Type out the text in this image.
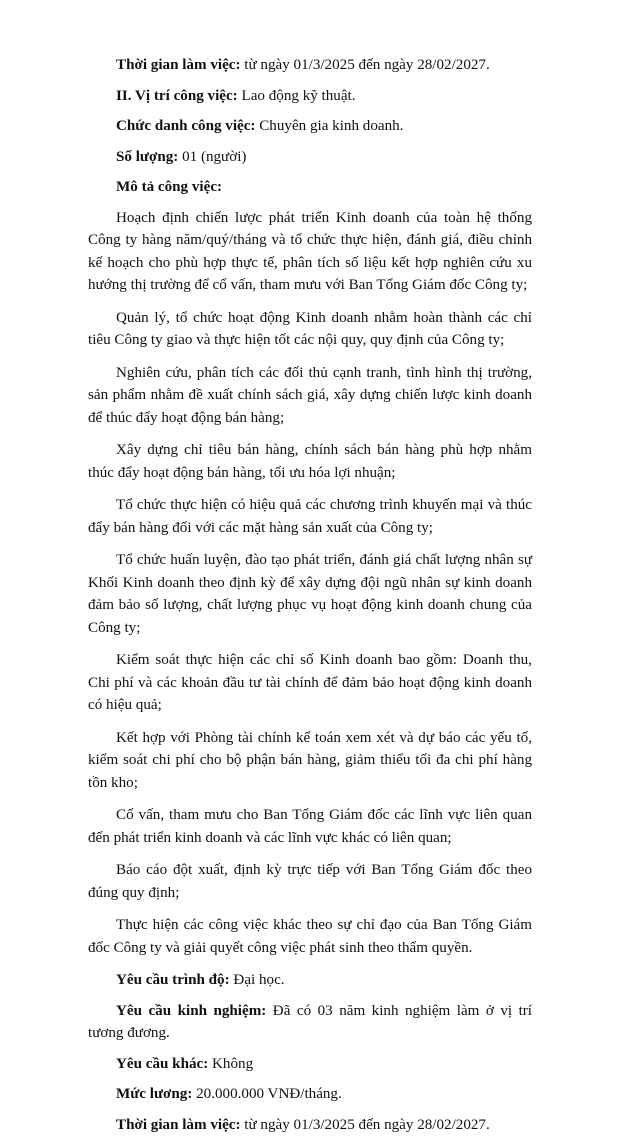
Thời gian làm việc: từ ngày 01/3/2025 đến ngày 28/02/2027.

II. Vị trí công việc: Lao động kỹ thuật.

Chức danh công việc: Chuyên gia kinh doanh.

Số lượng: 01 (người)

Mô tả công việc:

Hoạch định chiến lược phát triển Kinh doanh của toàn hệ thống Công ty hàng năm/quý/tháng và tổ chức thực hiện, đánh giá, điều chỉnh kế hoạch cho phù hợp thực tế, phân tích số liệu kết hợp nghiên cứu xu hướng thị trường để cố vấn, tham mưu với Ban Tổng Giám đốc Công ty;

Quản lý, tổ chức hoạt động Kinh doanh nhằm hoàn thành các chỉ tiêu Công ty giao và thực hiện tốt các nội quy, quy định của Công ty;

Nghiên cứu, phân tích các đối thủ cạnh tranh, tình hình thị trường, sản phẩm nhằm đề xuất chính sách giá, xây dựng chiến lược kinh doanh để thúc đẩy hoạt động bán hàng;

Xây dựng chỉ tiêu bán hàng, chính sách bán hàng phù hợp nhằm thúc đẩy hoạt động bán hàng, tối ưu hóa lợi nhuận;

Tổ chức thực hiện có hiệu quả các chương trình khuyến mại và thúc đẩy bán hàng đối với các mặt hàng sản xuất của Công ty;

Tổ chức huấn luyện, đào tạo phát triển, đánh giá chất lượng nhân sự Khối Kinh doanh theo định kỳ để xây dựng đội ngũ nhân sự kinh doanh đảm bảo số lượng, chất lượng phục vụ hoạt động kinh doanh chung của Công ty;

Kiểm soát thực hiện các chỉ số Kinh doanh bao gồm: Doanh thu, Chi phí và các khoản đầu tư tài chính để đảm bảo hoạt động kinh doanh có hiệu quả;

Kết hợp với Phòng tài chính kế toán xem xét và dự báo các yếu tố, kiểm soát chi phí cho bộ phận bán hàng, giảm thiểu tối đa chi phí hàng tồn kho;

Cố vấn, tham mưu cho Ban Tổng Giám đốc các lĩnh vực liên quan đến phát triển kinh doanh và các lĩnh vực khác có liên quan;

Báo cáo đột xuất, định kỳ trực tiếp với Ban Tổng Giám đốc theo đúng quy định;

Thực hiện các công việc khác theo sự chỉ đạo của Ban Tổng Giám đốc Công ty và giải quyết công việc phát sinh theo thẩm quyền.

Yêu cầu trình độ: Đại học.

Yêu cầu kinh nghiệm: Đã có 03 năm kinh nghiệm làm ở vị trí tương đương.

Yêu cầu khác: Không

Mức lương: 20.000.000 VNĐ/tháng.

Thời gian làm việc: từ ngày 01/3/2025 đến ngày 28/02/2027.
